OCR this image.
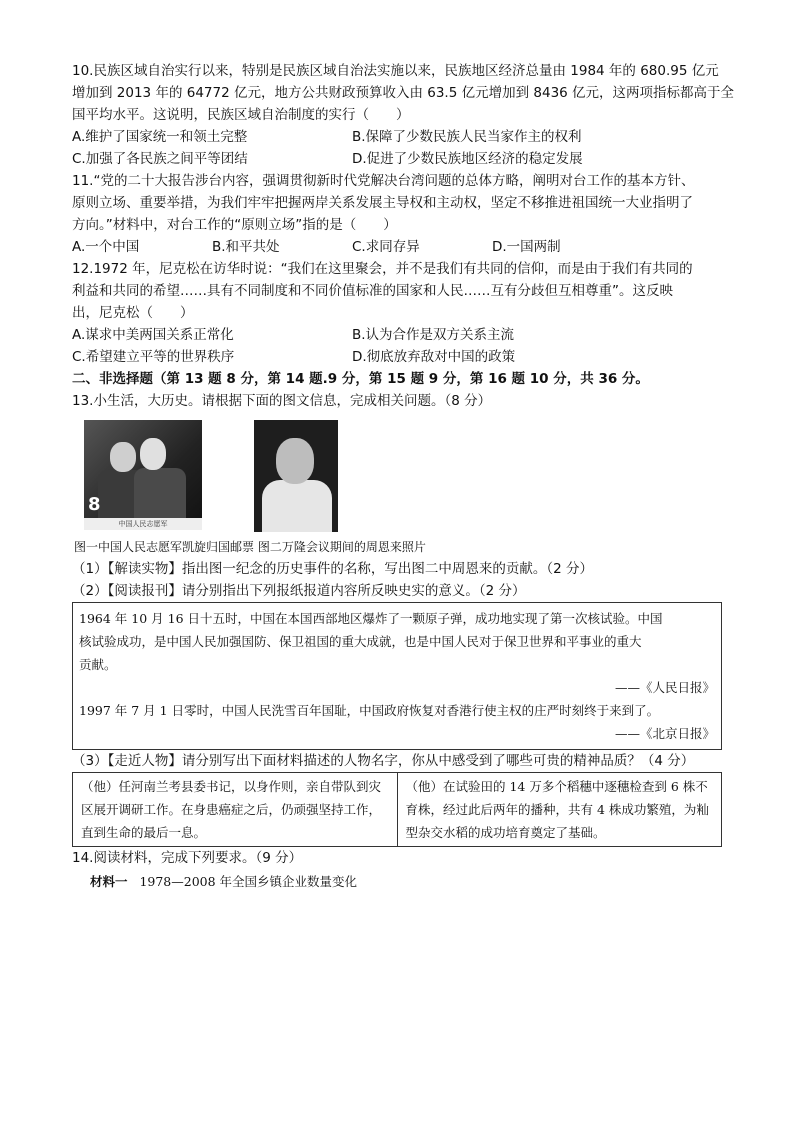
10.民族区域自治实行以来，特别是民族区域自治法实施以来，民族地区经济总量由 1984 年的 680.95 亿元
增加到 2013 年的 64772 亿元，地方公共财政预算收入由 63.5 亿元增加到 8436 亿元，这两项指标都高于全
国平均水平。这说明，民族区域自治制度的实行（　　）
A.维护了国家统一和领土完整	B.保障了少数民族人民当家作主的权利
C.加强了各民族之间平等团结	D.促进了少数民族地区经济的稳定发展
11.“党的二十大报告涉台内容，强调贯彻新时代党解决台湾问题的总体方略，阐明对台工作的基本方针、
原则立场、重要举措，为我们牢牢把握两岸关系发展主导权和主动权，坚定不移推进祖国统一大业指明了
方向。”材料中，对台工作的“原则立场”指的是（　　）
A.一个中国	B.和平共处	C.求同存异	D.一国两制
12.1972 年，尼克松在访华时说：“我们在这里聚会，并不是我们有共同的信仰，而是由于我们有共同的
利益和共同的希望……具有不同制度和不同价值标准的国家和人民……互有分歧但互相尊重”。这反映
出，尼克松（　　）
A.谋求中美两国关系正常化	B.认为合作是双方关系主流
C.希望建立平等的世界秩序	D.彻底放弃敌对中国的政策
二、非选择题（第 13 题 8 分，第 14 题.9 分，第 15 题 9 分，第 16 题 10 分，共 36 分。
13.小生活，大历史。请根据下面的图文信息，完成相关问题。（8 分）
8
中国人民志愿军
图一中国人民志愿军凯旋归国邮票 图二万隆会议期间的周恩来照片
（1）【解读实物】指出图一纪念的历史事件的名称，写出图二中周恩来的贡献。（2 分）
（2）【阅读报刊】请分别指出下列报纸报道内容所反映史实的意义。（2 分）
1964 年 10 月 16 日十五时，中国在本国西部地区爆炸了一颗原子弹，成功地实现了第一次核试验。中国
核试验成功，是中国人民加强国防、保卫祖国的重大成就，也是中国人民对于保卫世界和平事业的重大
贡献。
——《人民日报》
1997 年 7 月 1 日零时，中国人民洗雪百年国耻，中国政府恢复对香港行使主权的庄严时刻终于来到了。
——《北京日报》
（3）【走近人物】请分别写出下面材料描述的人物名字，你从中感受到了哪些可贵的精神品质？（4 分）
（他）任河南兰考县委书记，以身作则，亲自带队到灾区展开调研工作。在身患癌症之后，仍顽强坚持工作，直到生命的最后一息。
（他）在试验田的 14 万多个稻穗中逐穗检查到 6 株不育株，经过此后两年的播种，共有 4 株成功繁殖，为籼型杂交水稻的成功培育奠定了基础。
14.阅读材料，完成下列要求。（9 分）
材料一 1978—2008 年全国乡镇企业数量变化
